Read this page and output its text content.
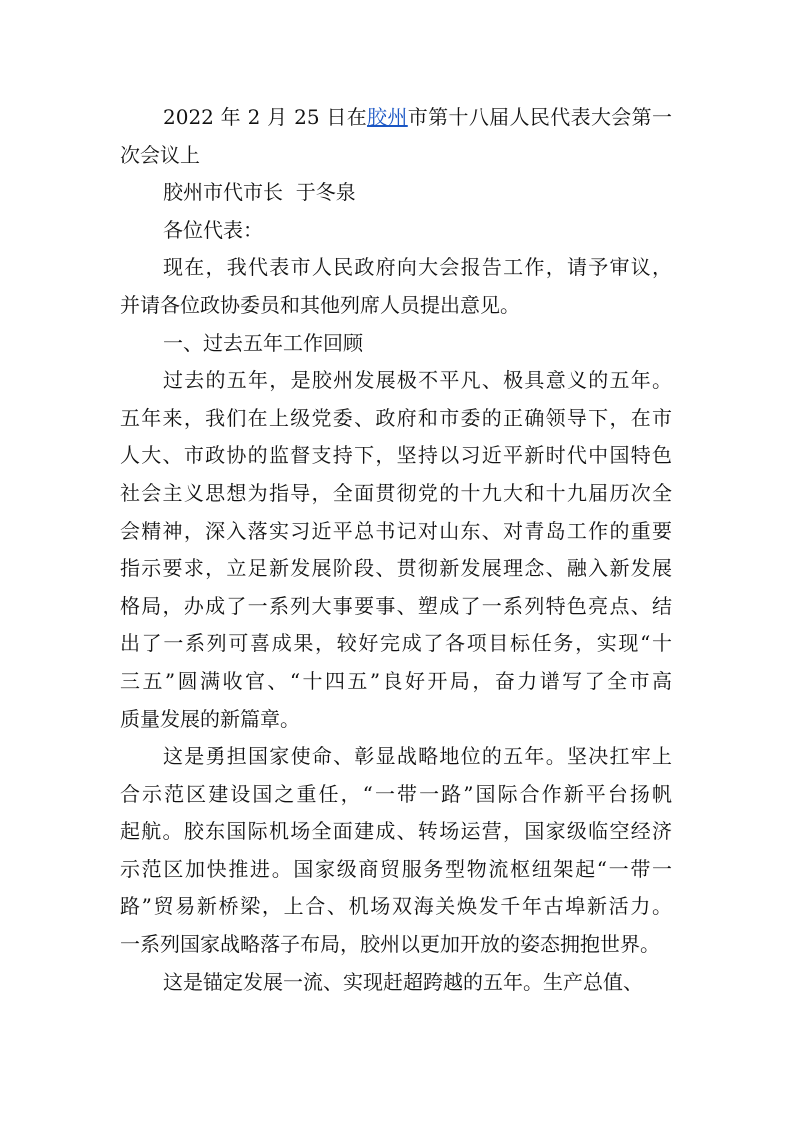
2022 年 2 月 25 日在胶州市第十八届人民代表大会第一
次会议上
胶州市代市长  于冬泉
各位代表：
现在，我代表市人民政府向大会报告工作，请予审议，
并请各位政协委员和其他列席人员提出意见。
一、过去五年工作回顾
过去的五年，是胶州发展极不平凡、极具意义的五年。
五年来，我们在上级党委、政府和市委的正确领导下，在市
人大、市政协的监督支持下，坚持以习近平新时代中国特色
社会主义思想为指导，全面贯彻党的十九大和十九届历次全
会精神，深入落实习近平总书记对山东、对青岛工作的重要
指示要求，立足新发展阶段、贯彻新发展理念、融入新发展
格局，办成了一系列大事要事、塑成了一系列特色亮点、结
出了一系列可喜成果，较好完成了各项目标任务，实现“十
三五”圆满收官、“十四五”良好开局，奋力谱写了全市高
质量发展的新篇章。
这是勇担国家使命、彰显战略地位的五年。坚决扛牢上
合示范区建设国之重任，“一带一路”国际合作新平台扬帆
起航。胶东国际机场全面建成、转场运营，国家级临空经济
示范区加快推进。国家级商贸服务型物流枢纽架起“一带一
路”贸易新桥梁，上合、机场双海关焕发千年古埠新活力。
一系列国家战略落子布局，胶州以更加开放的姿态拥抱世界。
这是锚定发展一流、实现赶超跨越的五年。生产总值、
